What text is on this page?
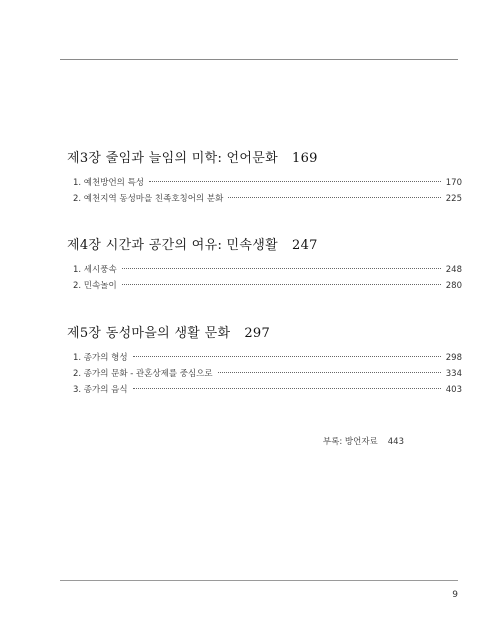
제3장 줄임과 늘임의 미학: 언어문화 169
1. 예천방언의 특성	170
2. 예천지역 동성마을 친족호칭어의 분화	225
제4장 시간과 공간의 여유: 민속생활 247
1. 세시풍속	248
2. 민속놀이	280
제5장 동성마을의 생활 문화 297
1. 종가의 형성	298
2. 종가의 문화 - 관혼상제를 중심으로	334
3. 종가의 음식	403
부록: 방언자료 443
9
